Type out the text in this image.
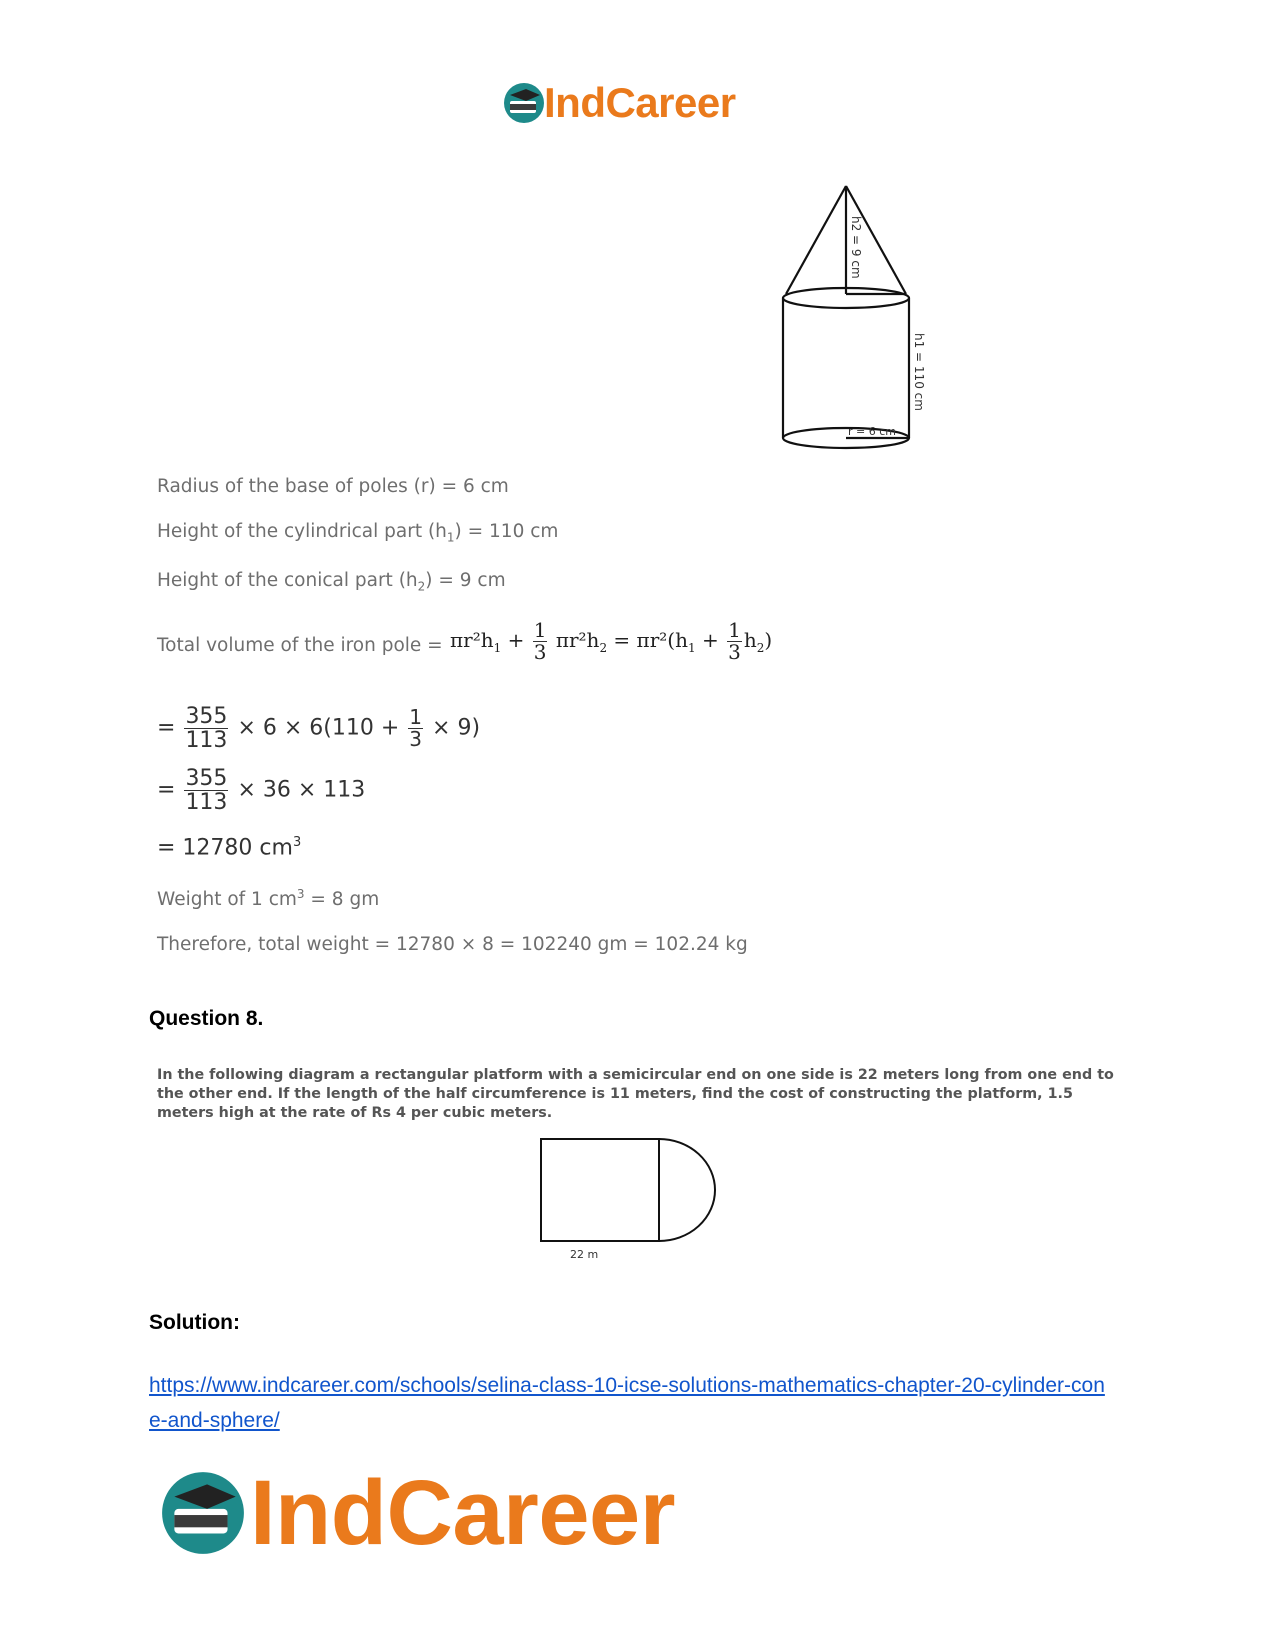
IndCareer
h2 = 9 cm
h1 = 110 cm
r = 6 cm
Radius of the base of poles (r) = 6 cm
Height of the cylindrical part $(h_1) = 110$ cm
Height of the conical part $(h_2) = 9$ cm
Total volume of the iron pole = $\pi r^2h_1 + \frac{1}{3} \pi r^2h_2 = \pi r^2(h_1 + \frac{1}{3} h_2)$
= $\frac{355}{113} \times 6 \times 6(110 + \frac{1}{3} \times 9)$
= $\frac{355}{113} \times 36 \times 113$
= 12780 $cm^3$
Weight of 1 $cm^3 = 8$ gm
Therefore, total weight = 12780 × 8 = 102240 gm = 102.24 kg
Question 8.
In the following diagram a rectangular platform with a semicircular end on one side is 22 meters long from one end to the other end. If the length of the half circumference is 11 meters, find the cost of constructing the platform, 1.5 meters high at the rate of Rs 4 per cubic meters.
22 m
Solution:
https://www.indcareer.com/schools/selina-class-10-icse-solutions-mathematics-chapter-20-cylinder-cone-and-sphere/
IndCareer
